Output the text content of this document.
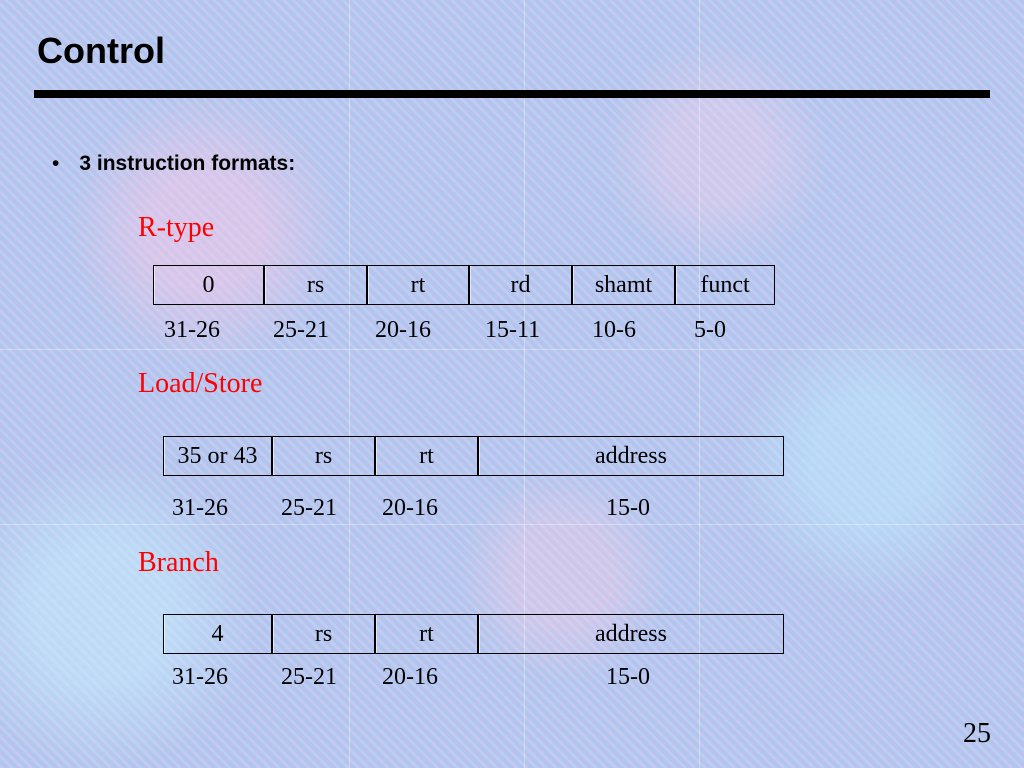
Control
• 3 instruction formats:
R-type
0	rs	rt	rd	shamt	funct
31-26 25-21 20-16 15-11 10-6 5-0
Load/Store
35 or 43	rs	rt	address
31-26 25-21 20-16	15-0
Branch
4	rs	rt	address
31-26 25-21 20-16	15-0
25
